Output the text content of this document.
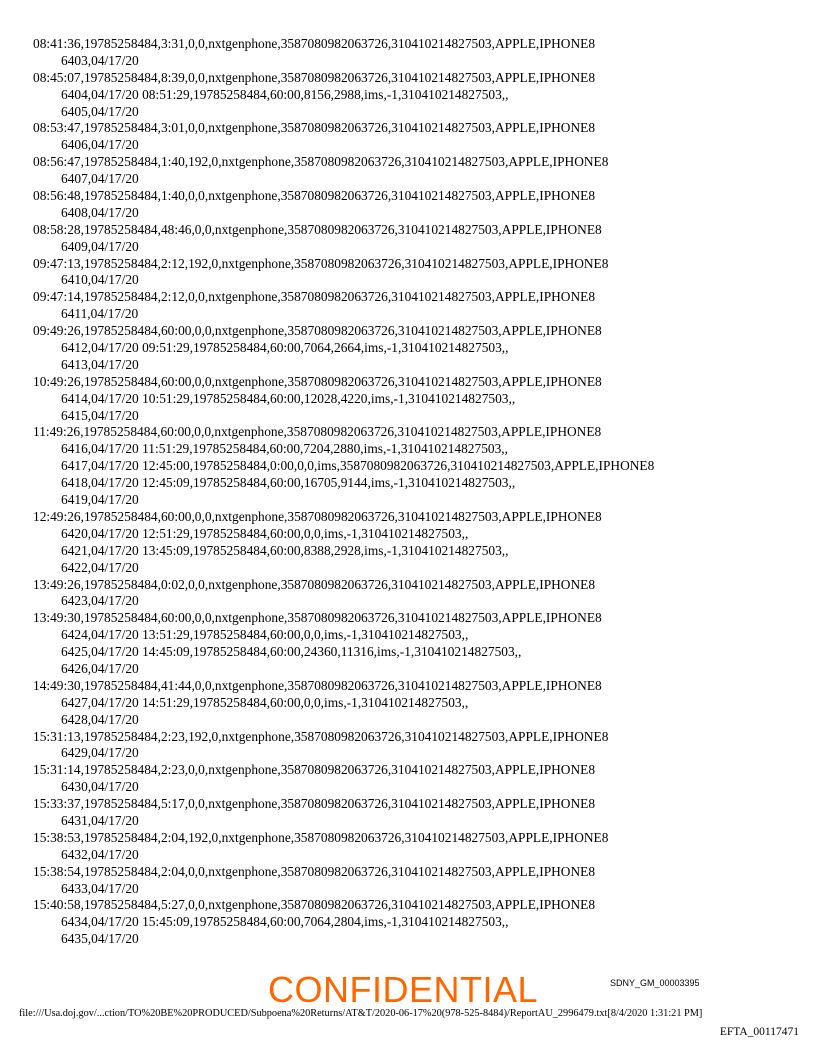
08:41:36,19785258484,3:31,0,0,nxtgenphone,3587080982063726,310410214827503,APPLE,IPHONE8
6403,04/17/20
08:45:07,19785258484,8:39,0,0,nxtgenphone,3587080982063726,310410214827503,APPLE,IPHONE8
6404,04/17/20 08:51:29,19785258484,60:00,8156,2988,ims,-1,310410214827503,,
6405,04/17/20
08:53:47,19785258484,3:01,0,0,nxtgenphone,3587080982063726,310410214827503,APPLE,IPHONE8
6406,04/17/20
08:56:47,19785258484,1:40,192,0,nxtgenphone,3587080982063726,310410214827503,APPLE,IPHONE8
6407,04/17/20
08:56:48,19785258484,1:40,0,0,nxtgenphone,3587080982063726,310410214827503,APPLE,IPHONE8
6408,04/17/20
08:58:28,19785258484,48:46,0,0,nxtgenphone,3587080982063726,310410214827503,APPLE,IPHONE8
6409,04/17/20
09:47:13,19785258484,2:12,192,0,nxtgenphone,3587080982063726,310410214827503,APPLE,IPHONE8
6410,04/17/20
09:47:14,19785258484,2:12,0,0,nxtgenphone,3587080982063726,310410214827503,APPLE,IPHONE8
6411,04/17/20
09:49:26,19785258484,60:00,0,0,nxtgenphone,3587080982063726,310410214827503,APPLE,IPHONE8
6412,04/17/20 09:51:29,19785258484,60:00,7064,2664,ims,-1,310410214827503,,
6413,04/17/20
10:49:26,19785258484,60:00,0,0,nxtgenphone,3587080982063726,310410214827503,APPLE,IPHONE8
6414,04/17/20 10:51:29,19785258484,60:00,12028,4220,ims,-1,310410214827503,,
6415,04/17/20
11:49:26,19785258484,60:00,0,0,nxtgenphone,3587080982063726,310410214827503,APPLE,IPHONE8
6416,04/17/20 11:51:29,19785258484,60:00,7204,2880,ims,-1,310410214827503,,
6417,04/17/20 12:45:00,19785258484,0:00,0,0,ims,3587080982063726,310410214827503,APPLE,IPHONE8
6418,04/17/20 12:45:09,19785258484,60:00,16705,9144,ims,-1,310410214827503,,
6419,04/17/20
12:49:26,19785258484,60:00,0,0,nxtgenphone,3587080982063726,310410214827503,APPLE,IPHONE8
6420,04/17/20 12:51:29,19785258484,60:00,0,0,ims,-1,310410214827503,,
6421,04/17/20 13:45:09,19785258484,60:00,8388,2928,ims,-1,310410214827503,,
6422,04/17/20
13:49:26,19785258484,0:02,0,0,nxtgenphone,3587080982063726,310410214827503,APPLE,IPHONE8
6423,04/17/20
13:49:30,19785258484,60:00,0,0,nxtgenphone,3587080982063726,310410214827503,APPLE,IPHONE8
6424,04/17/20 13:51:29,19785258484,60:00,0,0,ims,-1,310410214827503,,
6425,04/17/20 14:45:09,19785258484,60:00,24360,11316,ims,-1,310410214827503,,
6426,04/17/20
14:49:30,19785258484,41:44,0,0,nxtgenphone,3587080982063726,310410214827503,APPLE,IPHONE8
6427,04/17/20 14:51:29,19785258484,60:00,0,0,ims,-1,310410214827503,,
6428,04/17/20
15:31:13,19785258484,2:23,192,0,nxtgenphone,3587080982063726,310410214827503,APPLE,IPHONE8
6429,04/17/20
15:31:14,19785258484,2:23,0,0,nxtgenphone,3587080982063726,310410214827503,APPLE,IPHONE8
6430,04/17/20
15:33:37,19785258484,5:17,0,0,nxtgenphone,3587080982063726,310410214827503,APPLE,IPHONE8
6431,04/17/20
15:38:53,19785258484,2:04,192,0,nxtgenphone,3587080982063726,310410214827503,APPLE,IPHONE8
6432,04/17/20
15:38:54,19785258484,2:04,0,0,nxtgenphone,3587080982063726,310410214827503,APPLE,IPHONE8
6433,04/17/20
15:40:58,19785258484,5:27,0,0,nxtgenphone,3587080982063726,310410214827503,APPLE,IPHONE8
6434,04/17/20 15:45:09,19785258484,60:00,7064,2804,ims,-1,310410214827503,,
6435,04/17/20
SDNY_GM_00003395
CONFIDENTIAL
file:///Usa.doj.gov/...ction/TO%20BE%20PRODUCED/Subpoena%20Returns/AT&T/2020-06-17%20(978-525-8484)/ReportAU_2996479.txt[8/4/2020 1:31:21 PM]
EFTA_00117471
